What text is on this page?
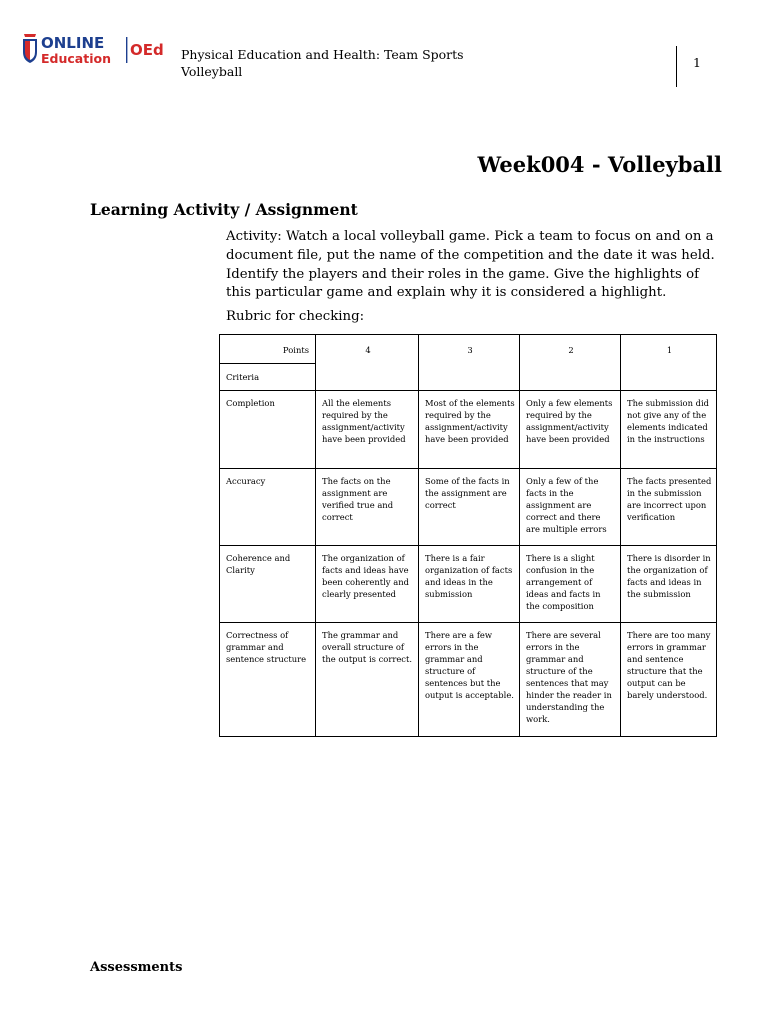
ONLINE
Education OEd Physical Education and Health: Team Sports
Volleyball
1
Week004 - Volleyball
Learning Activity / Assignment
Activity: Watch a local volleyball game. Pick a team to focus on and on a document file, put the name of the competition and the date it was held. Identify the players and their roles in the game. Give the highlights of this particular game and explain why it is considered a highlight.
Rubric for checking:
Points	4	3	2	1

Criteria				

Completion	All the elements required by the assignment/activity have been provided	Most of the elements required by the assignment/activity have been provided	Only a few elements required by the assignment/activity have been provided	The submission did not give any of the elements indicated in the instructions

Accuracy	The facts on the assignment are verified true and correct	Some of the facts in the assignment are correct	Only a few of the facts in the assignment are correct and there are multiple errors	The facts presented in the submission are incorrect upon verification

Coherence and Clarity	The organization of facts and ideas have been coherently and clearly presented	There is a fair organization of facts and ideas in the submission	There is a slight confusion in the arrangement of ideas and facts in the composition	There is disorder in the organization of facts and ideas in the submission

Correctness of grammar and sentence structure	The grammar and overall structure of the output is correct.	There are a few errors in the grammar and structure of sentences but the output is acceptable.	There are several errors in the grammar and structure of the sentences that may hinder the reader in understanding the work.	There are too many errors in grammar and sentence structure that the output can be barely understood.
Assessments
